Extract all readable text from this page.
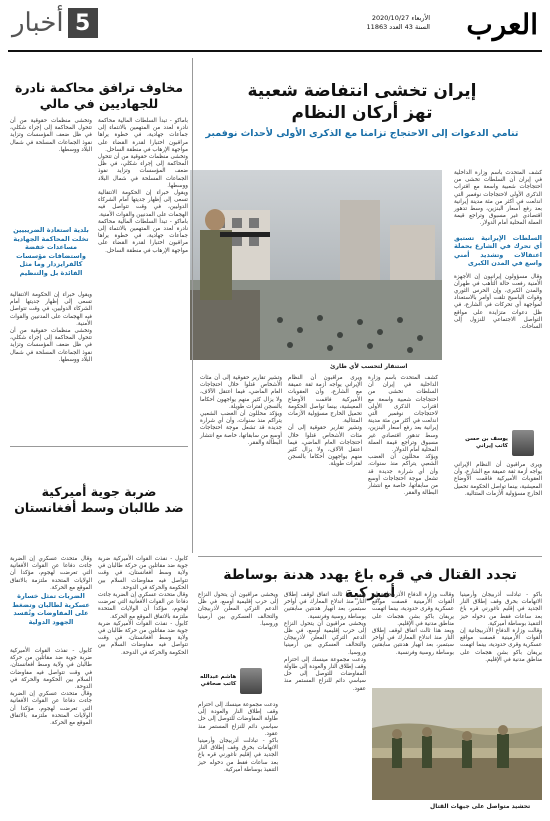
العرب
الأربعاء 2020/10/27
السنة 43 العدد 11863
5
أخبار
إيران تخشى انتفاضة شعبية
تهز أركان النظام
تنامي الدعوات إلى الاحتجاج تزامنا مع الذكرى الأولى لأحداث نوفمبر
كشف المتحدث باسم وزارة الداخلية في إيران أن السلطات تخشى من احتجاجات شعبية واسعة مع اقتراب الذكرى الأولى لاحتجاجات نوفمبر التي اندلعت في أكثر من مئة مدينة إيرانية بعد رفع أسعار البنزين، وسط تدهور اقتصادي غير مسبوق وتراجع قيمة العملة المحلية أمام الدولار.
السلطات الإيرانية تستبق أي تحرك في الشارع بحملة اعتقالات وتشديد أمني واسع في المدن الكبرى
وقال مسؤولون إيرانيون إن الأجهزة الأمنية رفعت حالة التأهب في طهران والمدن الكبرى، وإن الحرس الثوري وقوات الباسيج تلقت أوامر بالاستعداد لمواجهة أي تحركات في الشارع، في ظل دعوات متزايدة على مواقع التواصل الاجتماعي للنزول إلى الساحات.
استنفار لتحسب لأي طارئ
يوسف بن حسن
كاتب إيراني
ويرى مراقبون أن النظام الإيراني يواجه أزمة ثقة عميقة مع الشارع، وأن العقوبات الأميركية فاقمت الأوضاع المعيشية، بينما تواصل الحكومة تحميل الخارج مسؤولية الأزمات المتتالية.
ويرى مراقبون أن النظام الإيراني يواجه أزمة ثقة عميقة مع الشارع، وأن العقوبات الأميركية فاقمت الأوضاع المعيشية، بينما تواصل الحكومة تحميل الخارج مسؤولية الأزمات المتتالية.
وتشير تقارير حقوقية إلى أن مئات الأشخاص قتلوا خلال احتجاجات العام الماضي، فيما اعتقل الآلاف، ولا يزال كثير منهم يواجهون أحكاما بالسجن لفترات طويلة.
وتشير تقارير حقوقية إلى أن مئات الأشخاص قتلوا خلال احتجاجات العام الماضي، فيما اعتقل الآلاف، ولا يزال كثير منهم يواجهون أحكاما بالسجن لفترات طويلة.
ويؤكد محللون أن الغضب الشعبي يتراكم منذ سنوات، وأن أي شرارة جديدة قد تشعل موجة احتجاجات أوسع من سابقاتها، خاصة مع انتشار البطالة والفقر.
كشف المتحدث باسم وزارة الداخلية في إيران أن السلطات تخشى من احتجاجات شعبية واسعة مع اقتراب الذكرى الأولى لاحتجاجات نوفمبر التي اندلعت في أكثر من مئة مدينة إيرانية بعد رفع أسعار البنزين، وسط تدهور اقتصادي غير مسبوق وتراجع قيمة العملة المحلية أمام الدولار.
ويؤكد محللون أن الغضب الشعبي يتراكم منذ سنوات، وأن أي شرارة جديدة قد تشعل موجة احتجاجات أوسع من سابقاتها، خاصة مع انتشار البطالة والفقر.
مخاوف ترافق محاكمة نادرة
للجهاديين في مالي
باماكو - تبدأ السلطات المالية محاكمة نادرة لعدد من المتهمين بالانتماء إلى جماعات جهادية، في خطوة يراها مراقبون اختبارا لقدرة القضاء على مواجهة الإرهاب في منطقة الساحل.
وتخشى منظمات حقوقية من أن تتحول المحاكمة إلى إجراء شكلي، في ظل ضعف المؤسسات وتزايد نفوذ الجماعات المسلحة في شمال البلاد ووسطها.
ويقول خبراء إن الحكومة الانتقالية تسعى إلى إظهار جديتها أمام الشركاء الدوليين، في وقت تتواصل فيه الهجمات على المدنيين والقوات الأمنية.
باماكو - تبدأ السلطات المالية محاكمة نادرة لعدد من المتهمين بالانتماء إلى جماعات جهادية، في خطوة يراها مراقبون اختبارا لقدرة القضاء على مواجهة الإرهاب في منطقة الساحل.
وتخشى منظمات حقوقية من أن تتحول المحاكمة إلى إجراء شكلي، في ظل ضعف المؤسسات وتزايد نفوذ الجماعات المسلحة في شمال البلاد ووسطها.
بلدية استعادة الضريبيين تخلت المحاكمة الجهادية مساعدات خفضة واستضافات مؤسسات كالفرايزدار وما مثل الفائدة بل والتنظيم
ويقول خبراء إن الحكومة الانتقالية تسعى إلى إظهار جديتها أمام الشركاء الدوليين، في وقت تتواصل فيه الهجمات على المدنيين والقوات الأمنية.
وتخشى منظمات حقوقية من أن تتحول المحاكمة إلى إجراء شكلي، في ظل ضعف المؤسسات وتزايد نفوذ الجماعات المسلحة في شمال البلاد ووسطها.
ضربة جوية أميركية
ضد طالبان وسط أفغانستان
كابول - نفذت القوات الأميركية ضربة جوية ضد مقاتلين من حركة طالبان في ولاية وسط أفغانستان، في وقت تتواصل فيه مفاوضات السلام بين الحكومة والحركة في الدوحة.
وقال متحدث عسكري إن الضربة جاءت دفاعا عن القوات الأفغانية التي تعرضت لهجوم، مؤكدا أن الولايات المتحدة ملتزمة بالاتفاق الموقع مع الحركة.
كابول - نفذت القوات الأميركية ضربة جوية ضد مقاتلين من حركة طالبان في ولاية وسط أفغانستان، في وقت تتواصل فيه مفاوضات السلام بين الحكومة والحركة في الدوحة.
وقال متحدث عسكري إن الضربة جاءت دفاعا عن القوات الأفغانية التي تعرضت لهجوم، مؤكدا أن الولايات المتحدة ملتزمة بالاتفاق الموقع مع الحركة.
الضربات تمثل خسارة عسكرية لطالبان وتضغط على المفاوضات وتُفسد الجهود الدولية
كابول - نفذت القوات الأميركية ضربة جوية ضد مقاتلين من حركة طالبان في ولاية وسط أفغانستان، في وقت تتواصل فيه مفاوضات السلام بين الحكومة والحركة في الدوحة.
وقال متحدث عسكري إن الضربة جاءت دفاعا عن القوات الأفغانية التي تعرضت لهجوم، مؤكدا أن الولايات المتحدة ملتزمة بالاتفاق الموقع مع الحركة.
تجدد القتال في قره باغ يهدد هدنة بوساطة أميركية	باكو - تبادلت أذربيجان وأرمينيا الاتهامات بخرق وقف إطلاق النار الجديد في إقليم ناغورني قره باغ بعد ساعات فقط من دخوله حيز التنفيذ بوساطة أميركية.
وقالت وزارة الدفاع الأذربيجانية إن القوات الأرمينية قصفت مواقع عسكرية وقرى حدودية، بينما اتهمت يريفان باكو بشن هجمات على مناطق مدنية في الإقليم.
وقالت وزارة الدفاع الأذربيجانية إن القوات الأرمينية قصفت مواقع عسكرية وقرى حدودية، بينما اتهمت يريفان باكو بشن هجمات على مناطق مدنية في الإقليم.
ويعد هذا ثالث اتفاق لوقف إطلاق النار منذ اندلاع المعارك في أواخر سبتمبر، بعد انهيار هدنتين سابقتين بوساطة روسية وفرنسية.
ويعد هذا ثالث اتفاق لوقف إطلاق النار منذ اندلاع المعارك في أواخر سبتمبر، بعد انهيار هدنتين سابقتين بوساطة روسية وفرنسية.
ويخشى مراقبون أن يتحول النزاع إلى حرب إقليمية أوسع، في ظل الدعم التركي المعلن لأذربيجان والتحالف العسكري بين أرمينيا وروسيا.
ودعت مجموعة مينسك إلى احترام وقف إطلاق النار والعودة إلى طاولة المفاوضات للتوصل إلى حل سياسي دائم للنزاع المستمر منذ عقود.
ويخشى مراقبون أن يتحول النزاع إلى حرب إقليمية أوسع، في ظل الدعم التركي المعلن لأذربيجان والتحالف العسكري بين أرمينيا وروسيا.
هاشم عبدالله
كاتب صحافي
ودعت مجموعة مينسك إلى احترام وقف إطلاق النار والعودة إلى طاولة المفاوضات للتوصل إلى حل سياسي دائم للنزاع المستمر منذ عقود.
باكو - تبادلت أذربيجان وأرمينيا الاتهامات بخرق وقف إطلاق النار الجديد في إقليم ناغورني قره باغ بعد ساعات فقط من دخوله حيز التنفيذ بوساطة أميركية.
تحشيد متواصل على جبهات القتال
